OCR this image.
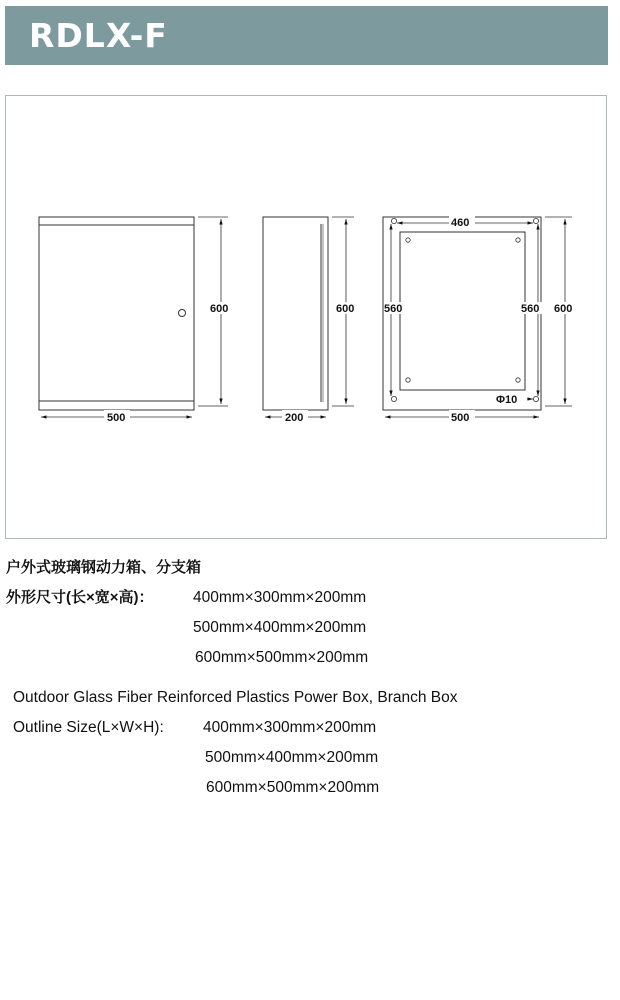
RDLX-F
600
500
600
200
460
560	560 600
Φ10
500
户外式玻璃钢动力箱、分支箱
外形尺寸(长×宽×高)：	400mm×300mm×200mm
500mm×400mm×200mm
600mm×500mm×200mm
Outdoor Glass Fiber Reinforced Plastics Power Box, Branch Box
Outline Size(L×W×H):	400mm×300mm×200mm
500mm×400mm×200mm
600mm×500mm×200mm
